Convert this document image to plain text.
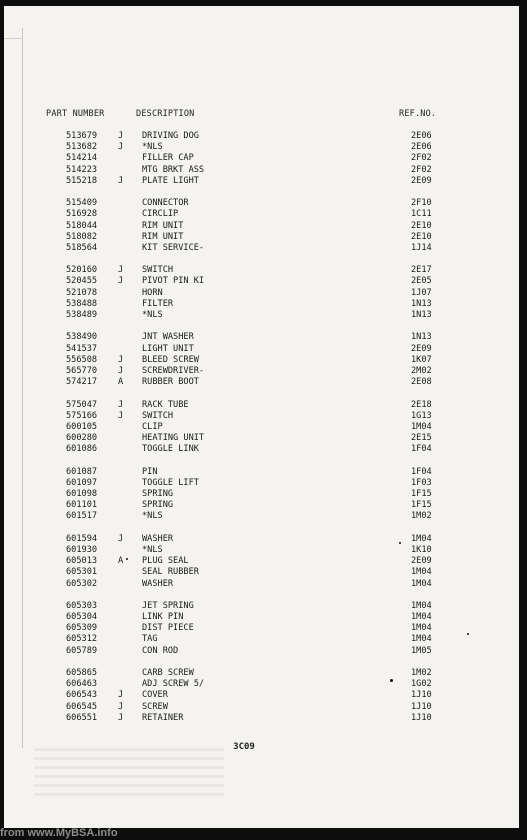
PART NUMBER	DESCRIPTION	REF.NO.
513679 J DRIVING DOG	2E06
513682 J *NLS	2E06
514214	FILLER CAP	2F02
514223	MTG BRKT ASS	2F02
515218 J PLATE LIGHT	2E09
515409	CONNECTOR	2F10
516928	CIRCLIP	1C11
518044	RIM UNIT	2E10
518082	RIM UNIT	2E10
518564	KIT SERVICE-	1J14
520160 J SWITCH	2E17
520455 J PIVOT PIN KI	2E05
521078	HORN	1J07
538488	FILTER	1N13
538489	*NLS	1N13
538490	JNT WASHER	1N13
541537	LIGHT UNIT	2E09
556508 J BLEED SCREW	1K07
565770 J SCREWDRIVER-	2M02
574217 A RUBBER BOOT	2E08
575047 J RACK TUBE	2E18
575166 J SWITCH	1G13
600105	CLIP	1M04
600280	HEATING UNIT	2E15
601086	TOGGLE LINK	1F04
601087	PIN	1F04
601097	TOGGLE LIFT	1F03
601098	SPRING	1F15
601101	SPRING	1F15
601517	*NLS	1M02
601594 J WASHER	1M04
601930	*NLS	1K10
605013 A PLUG SEAL	2E09
605301	SEAL RUBBER	1M04
605302	WASHER	1M04
605303	JET SPRING	1M04
605304	LINK PIN	1M04
605309	DIST PIECE	1M04
605312	TAG	1M04
605789	CON ROD	1M05
605865	CARB SCREW	1M02
606463	ADJ SCREW 5/	1G02
606543 J COVER	1J10
606545 J SCREW	1J10
606551 J RETAINER	1J10
3C09
from www.MyBSA.info
